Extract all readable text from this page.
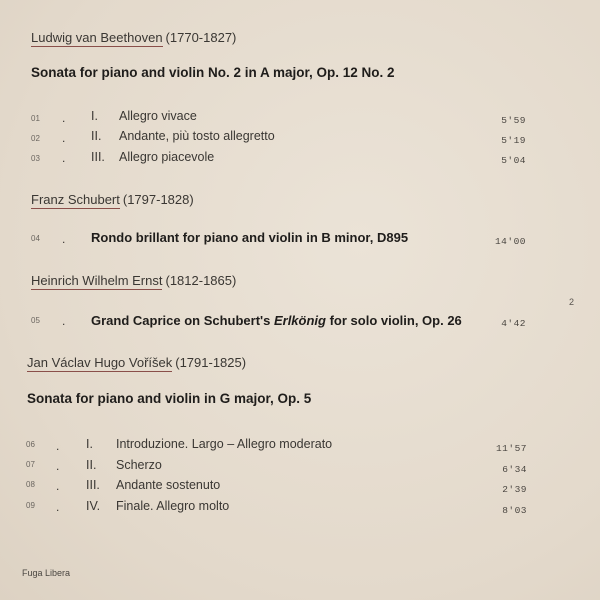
Ludwig van Beethoven (1770-1827)
Sonata for piano and violin No. 2 in A major, Op. 12 No. 2
01 . I. Allegro vivace	5'59
02 . II. Andante, più tosto allegretto	5'19
03 . III. Allegro piacevole	5'04
Franz Schubert (1797-1828)
04 . Rondo brillant for piano and violin in B minor, D895	14'00
Heinrich Wilhelm Ernst (1812-1865)
2
05 . Grand Caprice on Schubert's Erlkönig for solo violin, Op. 26	4'42
Jan Václav Hugo Voříšek (1791-1825)
Sonata for piano and violin in G major, Op. 5
06 . I. Introduzione. Largo – Allegro moderato	11'57
07 . II. Scherzo	6'34
08 . III. Andante sostenuto	2'39
09 . IV. Finale. Allegro molto	8'03
Fuga Libera
